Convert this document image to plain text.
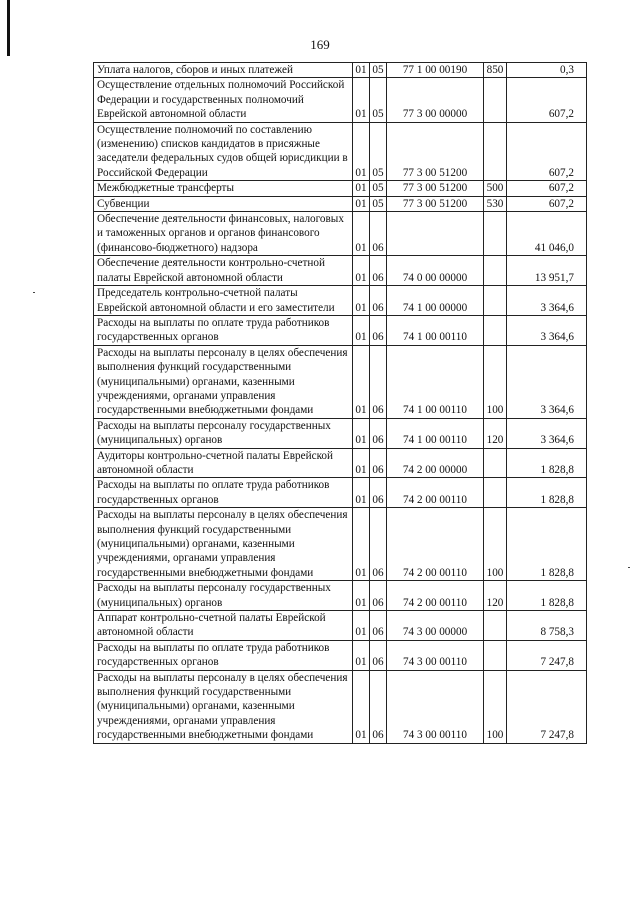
169
Уплата налогов, сборов и иных платежей	01	05	77 1 00 00190	850	0,3
Осуществление отдельных полномочий Российской Федерации и государственных полномочий Еврейской автономной области	01	05	77 3 00 00000		607,2
Осуществление полномочий по составлению (изменению) списков кандидатов в присяжные заседатели федеральных судов общей юрисдикции в Российской Федерации	01	05	77 3 00 51200		607,2
Межбюджетные трансферты	01	05	77 3 00 51200	500	607,2
Субвенции	01	05	77 3 00 51200	530	607,2
Обеспечение деятельности финансовых, налоговых и таможенных органов и органов финансового (финансово-бюджетного) надзора	01	06			41 046,0
Обеспечение деятельности контрольно-счетной палаты Еврейской автономной области	01	06	74 0 00 00000		13 951,7
Председатель контрольно-счетной палаты Еврейской автономной области и его заместители	01	06	74 1 00 00000		3 364,6
Расходы на выплаты по оплате труда работников государственных органов	01	06	74 1 00 00110		3 364,6
Расходы на выплаты персоналу в целях обеспечения выполнения функций государственными (муниципальными) органами, казенными учреждениями, органами управления государственными внебюджетными фондами	01	06	74 1 00 00110	100	3 364,6
Расходы на выплаты персоналу государственных (муниципальных) органов	01	06	74 1 00 00110	120	3 364,6
Аудиторы контрольно-счетной палаты Еврейской автономной области	01	06	74 2 00 00000		1 828,8
Расходы на выплаты по оплате труда работников государственных органов	01	06	74 2 00 00110		1 828,8
Расходы на выплаты персоналу в целях обеспечения выполнения функций государственными (муниципальными) органами, казенными учреждениями, органами управления государственными внебюджетными фондами	01	06	74 2 00 00110	100	1 828,8
Расходы на выплаты персоналу государственных (муниципальных) органов	01	06	74 2 00 00110	120	1 828,8
Аппарат контрольно-счетной палаты Еврейской автономной области	01	06	74 3 00 00000		8 758,3
Расходы на выплаты по оплате труда работников государственных органов	01	06	74 3 00 00110		7 247,8
Расходы на выплаты персоналу в целях обеспечения выполнения функций государственными (муниципальными) органами, казенными учреждениями, органами управления государственными внебюджетными фондами	01	06	74 3 00 00110	100	7 247,8
